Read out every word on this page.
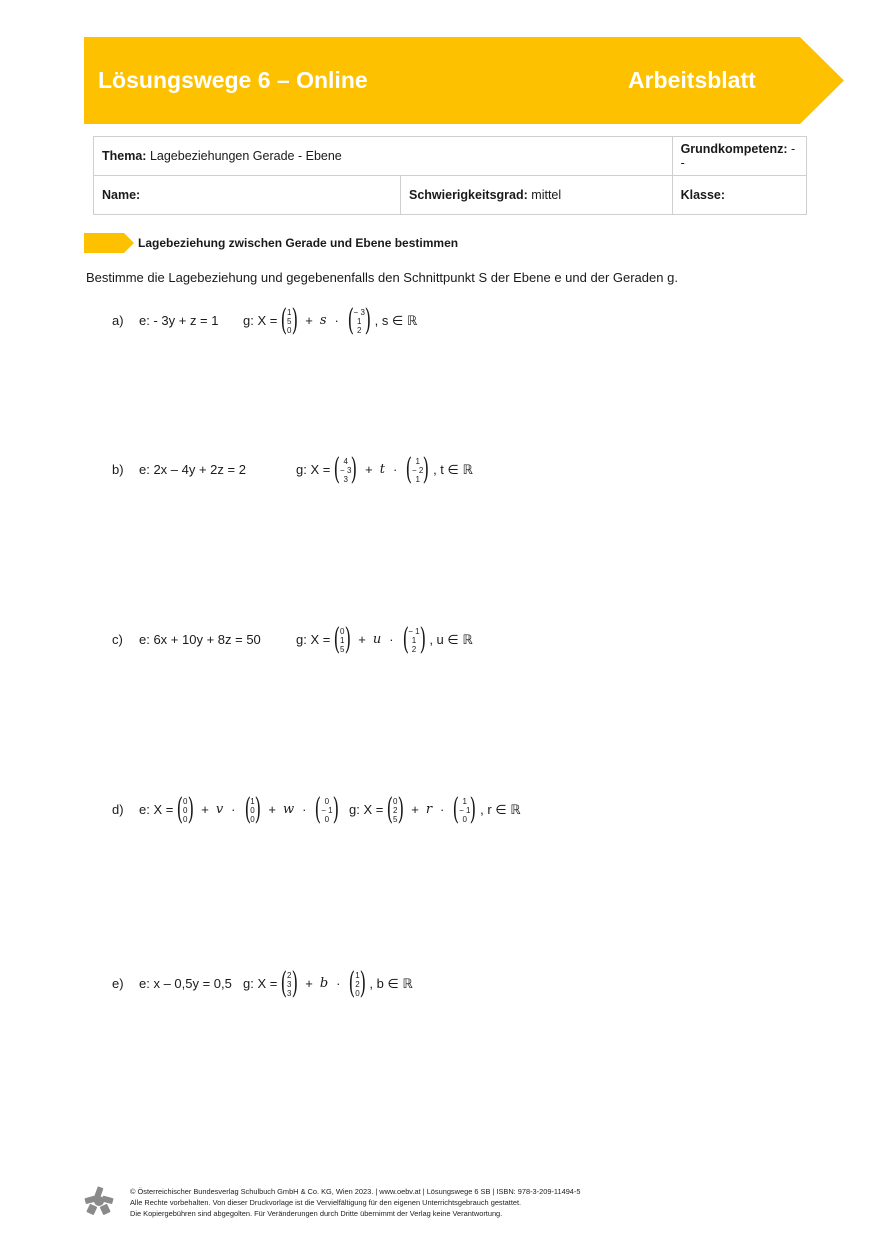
Lösungswege 6 – Online	Arbeitsblatt
Thema: Lagebeziehungen Gerade - Ebene		Grundkompetenz: --
Name:	Schwierigkeitsgrad: mittel	Klasse:
Lagebeziehung zwischen Gerade und Ebene bestimmen
Bestimme die Lagebeziehung und gegebenenfalls den Schnittpunkt S der Ebene e und der Geraden g.
a) e: - 3y + z = 1 g: X = ( 1
5
0 ) + s · ( − 3
1
2 ) , s ∈ ℝ
b) e: 2x – 4y + 2z = 2	g: X = ( 4
− 3
3 ) + t · ( 1
− 2
1 ) , t ∈ ℝ
c) e: 6x + 10y + 8z = 50	g: X = ( 0
1
5 ) + u · ( − 1
1
2 ) , u ∈ ℝ
d) e: X = ( 0
0
0 ) + v · ( 1
0
0 ) + w · ( 0
− 1
0 ) g: X = ( 0
2
5 ) + r · ( 1
− 1
0 ) , r ∈ ℝ
e) e: x – 0,5y = 0,5 g: X = ( 2
3
3 ) + b · ( 1
2
0 ) , b ∈ ℝ
© Österreichischer Bundesverlag Schulbuch GmbH & Co. KG, Wien 2023. | www.oebv.at | Lösungswege 6 SB | ISBN: 978-3-209-11494-5
Alle Rechte vorbehalten. Von dieser Druckvorlage ist die Vervielfältigung für den eigenen Unterrichtsgebrauch gestattet.
Die Kopiergebühren sind abgegolten. Für Veränderungen durch Dritte übernimmt der Verlag keine Verantwortung.
